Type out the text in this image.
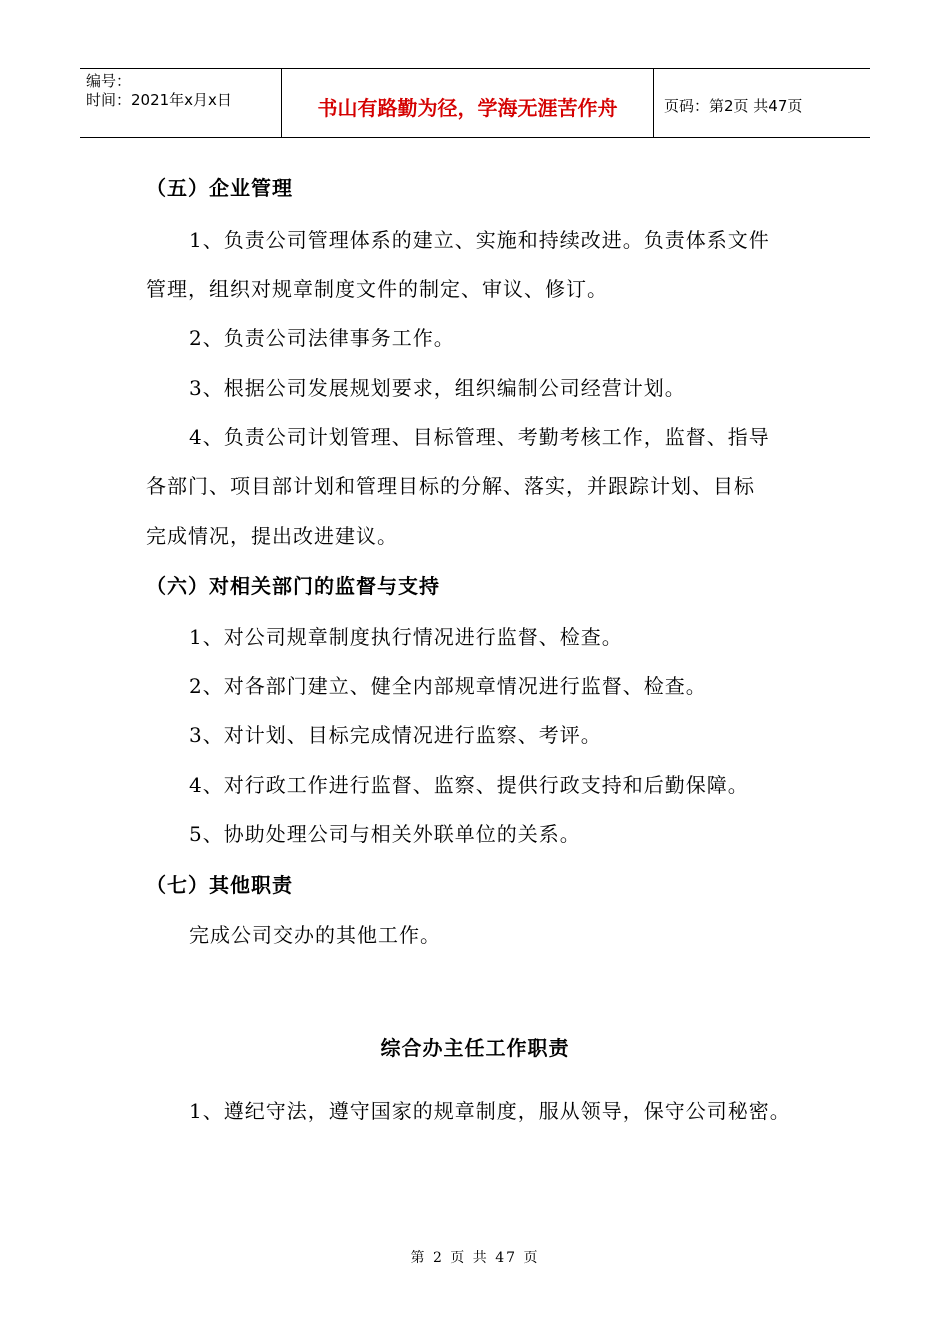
编号：
时间：2021年x月x日	书山有路勤为径，学海无涯苦作舟	页码：第2页 共47页
（五）企业管理
1、负责公司管理体系的建立、实施和持续改进。负责体系文件
管理，组织对规章制度文件的制定、审议、修订。
2、负责公司法律事务工作。
3、根据公司发展规划要求，组织编制公司经营计划。
4、负责公司计划管理、目标管理、考勤考核工作，监督、指导
各部门、项目部计划和管理目标的分解、落实，并跟踪计划、目标
完成情况，提出改进建议。
（六）对相关部门的监督与支持
1、对公司规章制度执行情况进行监督、检查。
2、对各部门建立、健全内部规章情况进行监督、检查。
3、对计划、目标完成情况进行监察、考评。
4、对行政工作进行监督、监察、提供行政支持和后勤保障。
5、协助处理公司与相关外联单位的关系。
（七）其他职责
完成公司交办的其他工作。
综合办主任工作职责
1、遵纪守法，遵守国家的规章制度，服从领导，保守公司秘密。
第 2 页 共 47 页
